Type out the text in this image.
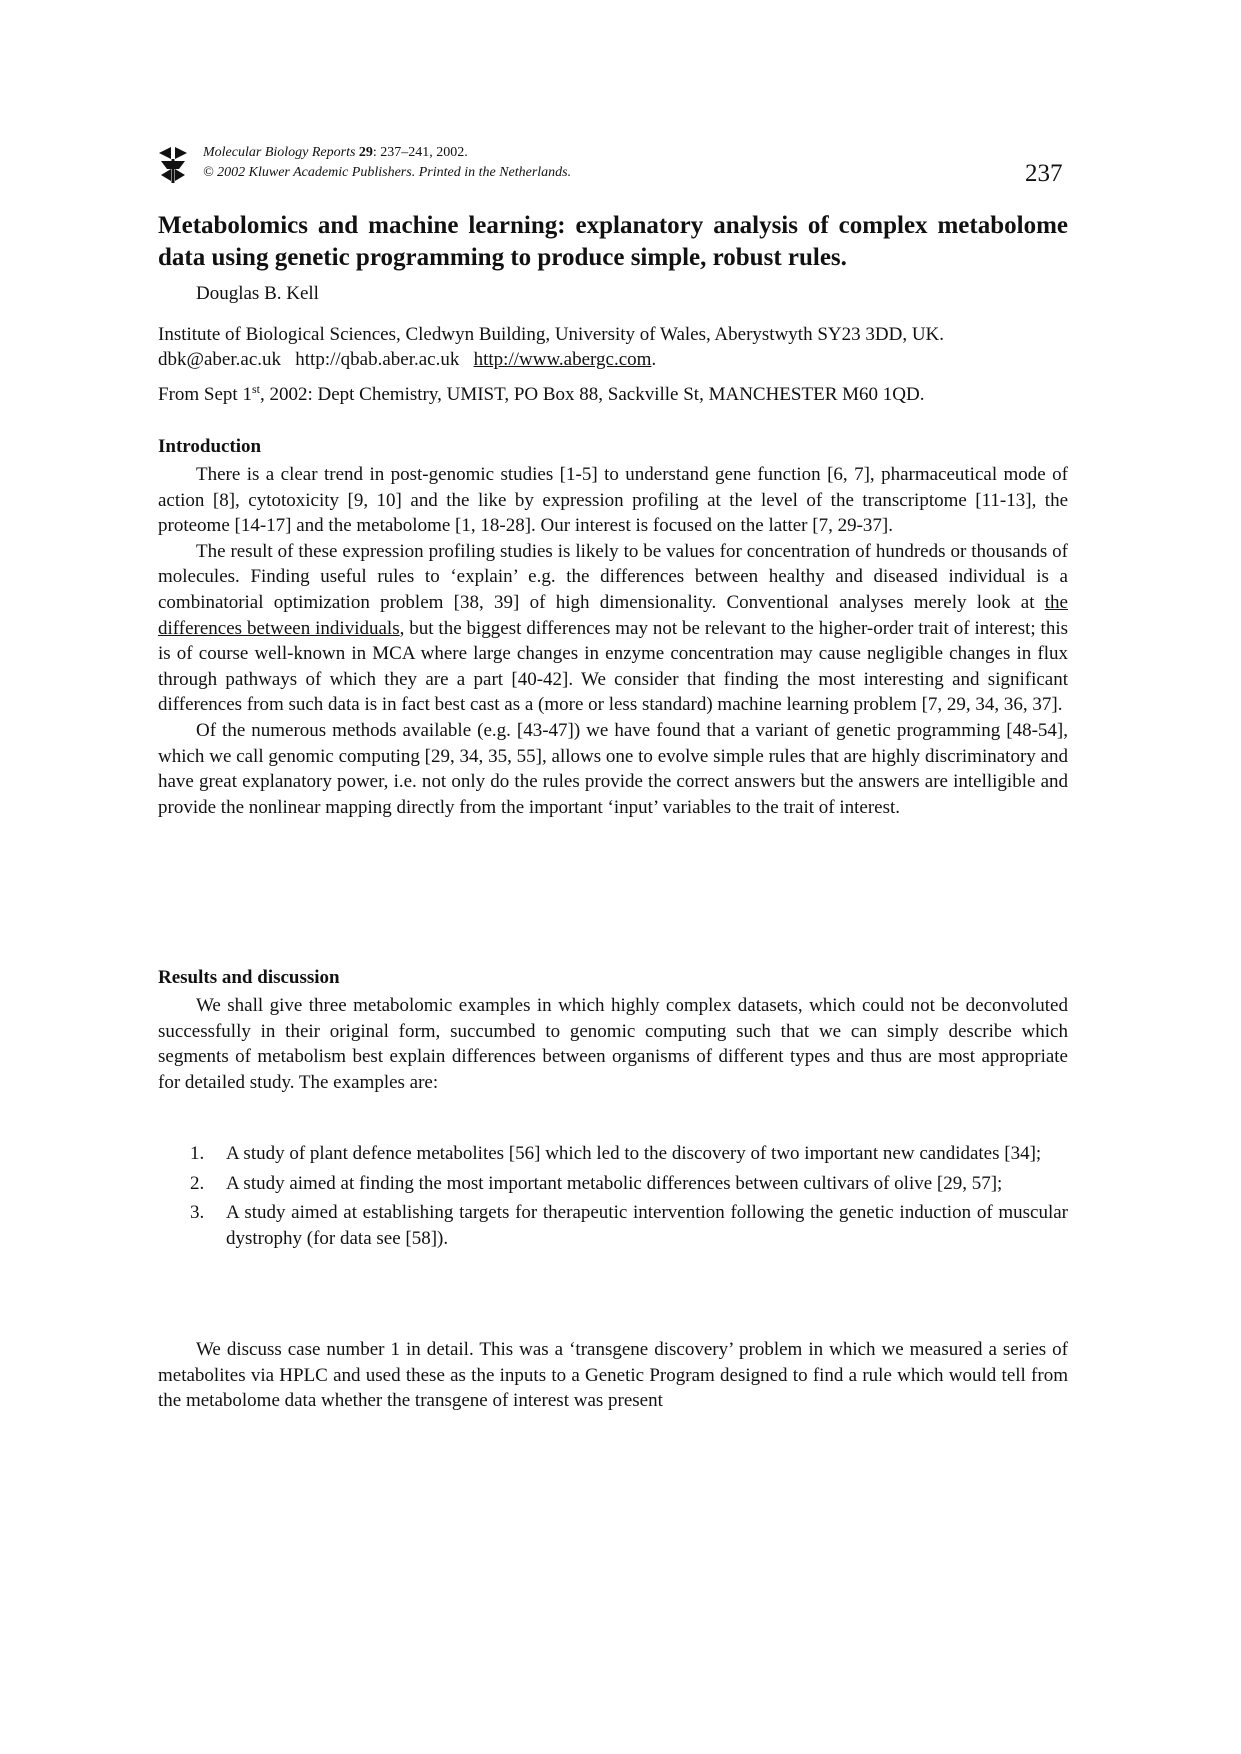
Molecular Biology Reports 29: 237–241, 2002.
© 2002 Kluwer Academic Publishers. Printed in the Netherlands.	237
Metabolomics and machine learning: explanatory analysis of complex metabolome data using genetic programming to produce simple, robust rules.
Douglas B. Kell
Institute of Biological Sciences, Cledwyn Building, University of Wales, Aberystwyth SY23 3DD, UK.
dbk@aber.ac.uk http://qbab.aber.ac.uk http://www.abergc.com.
From Sept 1st, 2002: Dept Chemistry, UMIST, PO Box 88, Sackville St, MANCHESTER M60 1QD.
Introduction

There is a clear trend in post-genomic studies [1-5] to understand gene function [6, 7], pharmaceutical mode of action [8], cytotoxicity [9, 10] and the like by expression profiling at the level of the transcriptome [11-13], the proteome [14-17] and the metabolome [1, 18-28]. Our interest is focused on the latter [7, 29-37].

The result of these expression profiling studies is likely to be values for concentration of hundreds or thousands of molecules. Finding useful rules to ‘explain’ e.g. the differences between healthy and diseased individual is a combinatorial optimization problem [38, 39] of high dimensionality. Conventional analyses merely look at the differences between individuals, but the biggest differences may not be relevant to the higher-order trait of interest; this is of course well-known in MCA where large changes in enzyme concentration may cause negligible changes in flux through pathways of which they are a part [40-42]. We consider that finding the most interesting and significant differences from such data is in fact best cast as a (more or less standard) machine learning problem [7, 29, 34, 36, 37].

Of the numerous methods available (e.g. [43-47]) we have found that a variant of genetic programming [48-54], which we call genomic computing [29, 34, 35, 55], allows one to evolve simple rules that are highly discriminatory and have great explanatory power, i.e. not only do the rules provide the correct answers but the answers are intelligible and provide the nonlinear mapping directly from the important ‘input’ variables to the trait of interest.

Results and discussion

We shall give three metabolomic examples in which highly complex datasets, which could not be deconvoluted successfully in their original form, succumbed to genomic computing such that we can simply describe which segments of metabolism best explain differences between organisms of different types and thus are most appropriate for detailed study. The examples are:

1. A study of plant defence metabolites [56] which led to the discovery of two important new candidates [34];
2. A study aimed at finding the most important metabolic differences between cultivars of olive [29, 57];
3. A study aimed at establishing targets for therapeutic intervention following the genetic induction of muscular dystrophy (for data see [58]).

We discuss case number 1 in detail. This was a ‘transgene discovery’ problem in which we measured a series of metabolites via HPLC and used these as the inputs to a Genetic Program designed to find a rule which would tell from the metabolome data whether the transgene of interest was present
